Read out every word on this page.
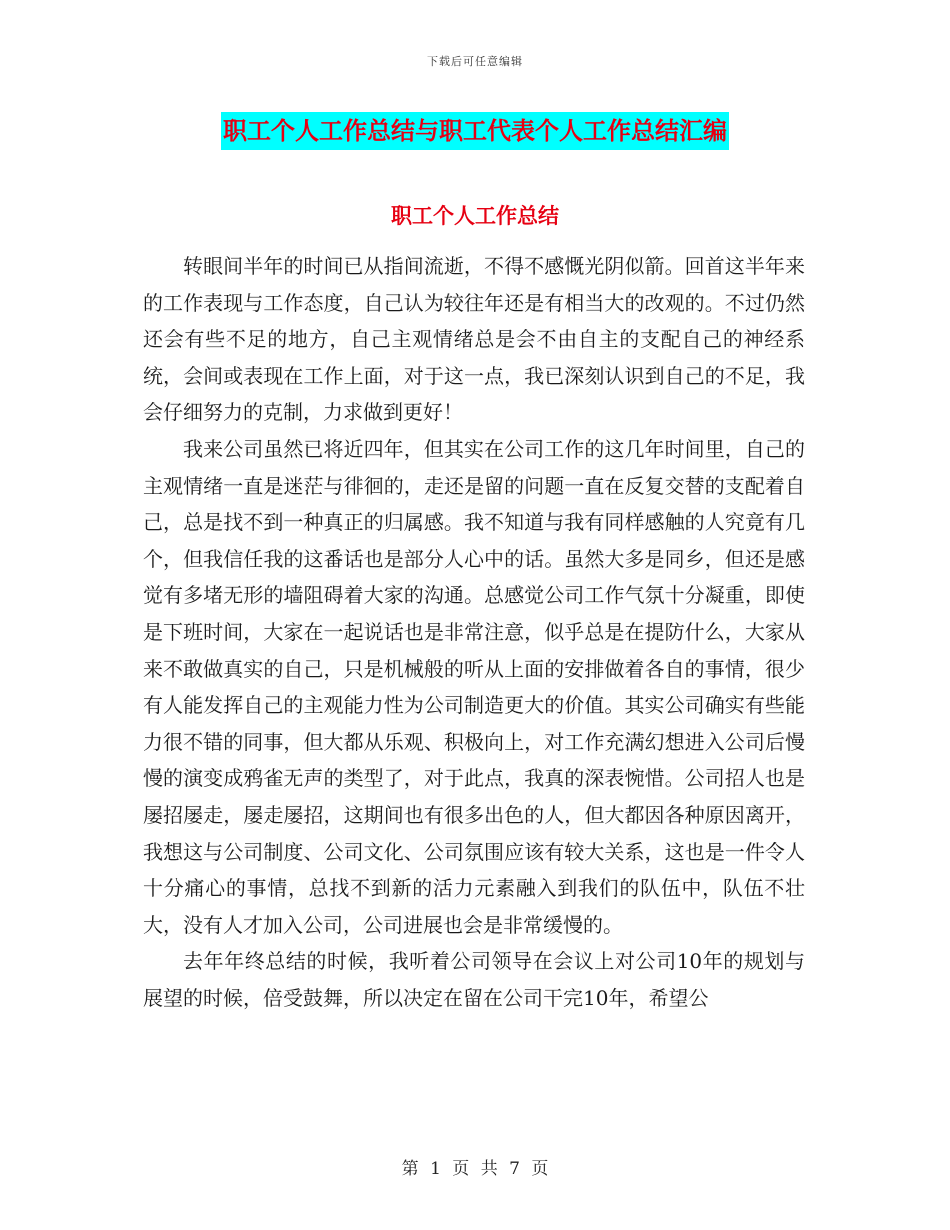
下载后可任意编辑
职工个人工作总结与职工代表个人工作总结汇编
职工个人工作总结

转眼间半年的时间已从指间流逝，不得不感慨光阴似箭。回首这半年来的工作表现与工作态度，自己认为较往年还是有相当大的改观的。不过仍然还会有些不足的地方，自己主观情绪总是会不由自主的支配自己的神经系统，会间或表现在工作上面，对于这一点，我已深刻认识到自己的不足，我会仔细努力的克制，力求做到更好！

我来公司虽然已将近四年，但其实在公司工作的这几年时间里，自己的主观情绪一直是迷茫与徘徊的，走还是留的问题一直在反复交替的支配着自己，总是找不到一种真正的归属感。我不知道与我有同样感触的人究竟有几个，但我信任我的这番话也是部分人心中的话。虽然大多是同乡，但还是感觉有多堵无形的墙阻碍着大家的沟通。总感觉公司工作气氛十分凝重，即使是下班时间，大家在一起说话也是非常注意，似乎总是在提防什么，大家从来不敢做真实的自己，只是机械般的听从上面的安排做着各自的事情，很少有人能发挥自己的主观能力性为公司制造更大的价值。其实公司确实有些能力很不错的同事，但大都从乐观、积极向上，对工作充满幻想进入公司后慢慢的演变成鸦雀无声的类型了，对于此点，我真的深表惋惜。公司招人也是屡招屡走，屡走屡招，这期间也有很多出色的人，但大都因各种原因离开，我想这与公司制度、公司文化、公司氛围应该有较大关系，这也是一件令人十分痛心的事情，总找不到新的活力元素融入到我们的队伍中，队伍不壮大，没有人才加入公司，公司进展也会是非常缓慢的。

去年年终总结的时候，我听着公司领导在会议上对公司10年的规划与展望的时候，倍受鼓舞，所以决定在留在公司干完10年，希望公

第 1 页 共 7 页
